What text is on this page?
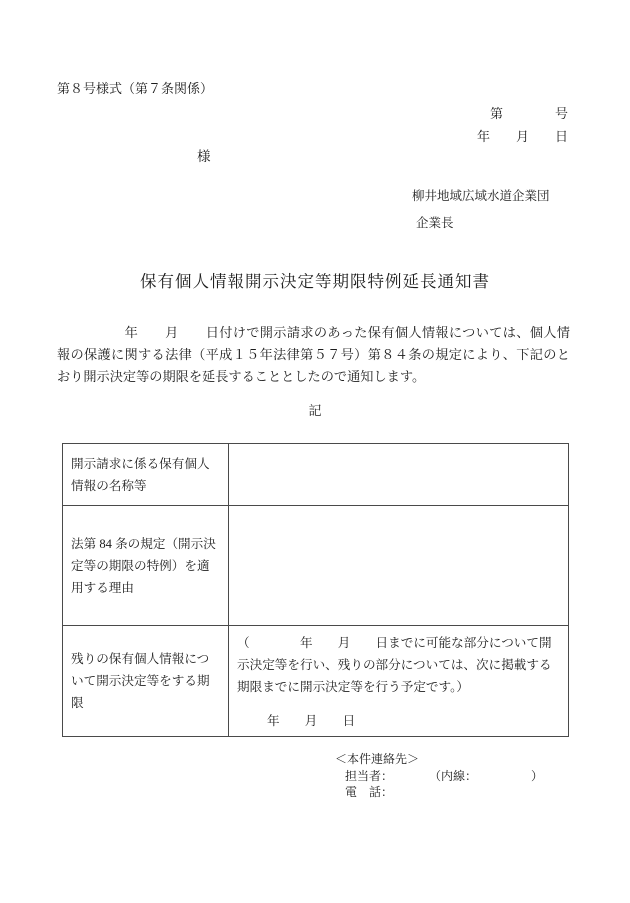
第８号様式（第７条関係）
第　　　　号
年　　月　　日
様
柳井地域広域水道企業団
企業長
保有個人情報開示決定等期限特例延長通知書
　　　　　年　　月　　日付けで開示請求のあった保有個人情報については、個人情報の保護に関する法律（平成１５年法律第５７号）第８４条の規定により、下記のとおり開示決定等の期限を延長することとしたので通知します。
記
開示請求に係る保有個人情報の名称等	
法第 84 条の規定（開示決定等の期限の特例）を適用する理由	
残りの保有個人情報について開示決定等をする期限	（　　　　年　　月　　日までに可能な部分について開示決定等を行い、残りの部分については、次に掲載する期限までに開示決定等を行う予定です。）
年　　月　　日
＜本件連絡先＞
担当者：　　　　（内線：　　　　　）
電　話：
